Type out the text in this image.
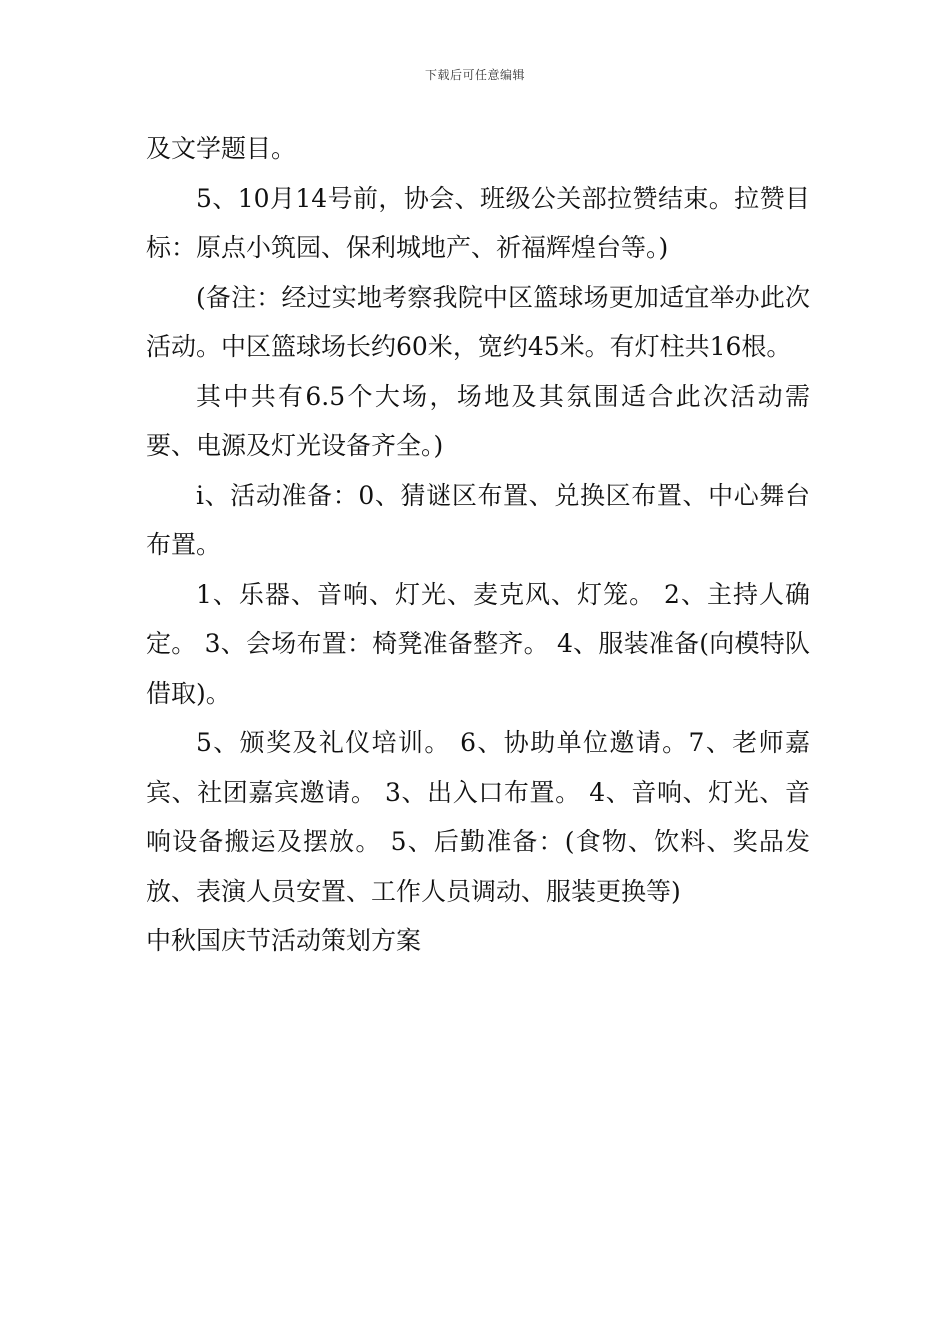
下载后可任意编辑

及文学题目。

5、10月14号前，协会、班级公关部拉赞结束。拉赞目标：原点小筑园、保利城地产、祈福辉煌台等。)

(备注：经过实地考察我院中区篮球场更加适宜举办此次活动。中区篮球场长约60米，宽约45米。有灯柱共16根。

其中共有6.5个大场，场地及其氛围适合此次活动需要、电源及灯光设备齐全。)

i、活动准备：0、猜谜区布置、兑换区布置、中心舞台布置。

1、乐器、音响、灯光、麦克风、灯笼。 2、主持人确定。 3、会场布置：椅凳准备整齐。 4、服装准备(向模特队借取)。

5、颁奖及礼仪培训。 6、协助单位邀请。7、老师嘉宾、社团嘉宾邀请。 3、出入口布置。 4、音响、灯光、音响设备搬运及摆放。 5、后勤准备：(食物、饮料、奖品发放、表演人员安置、工作人员调动、服装更换等)

中秋国庆节活动策划方案
